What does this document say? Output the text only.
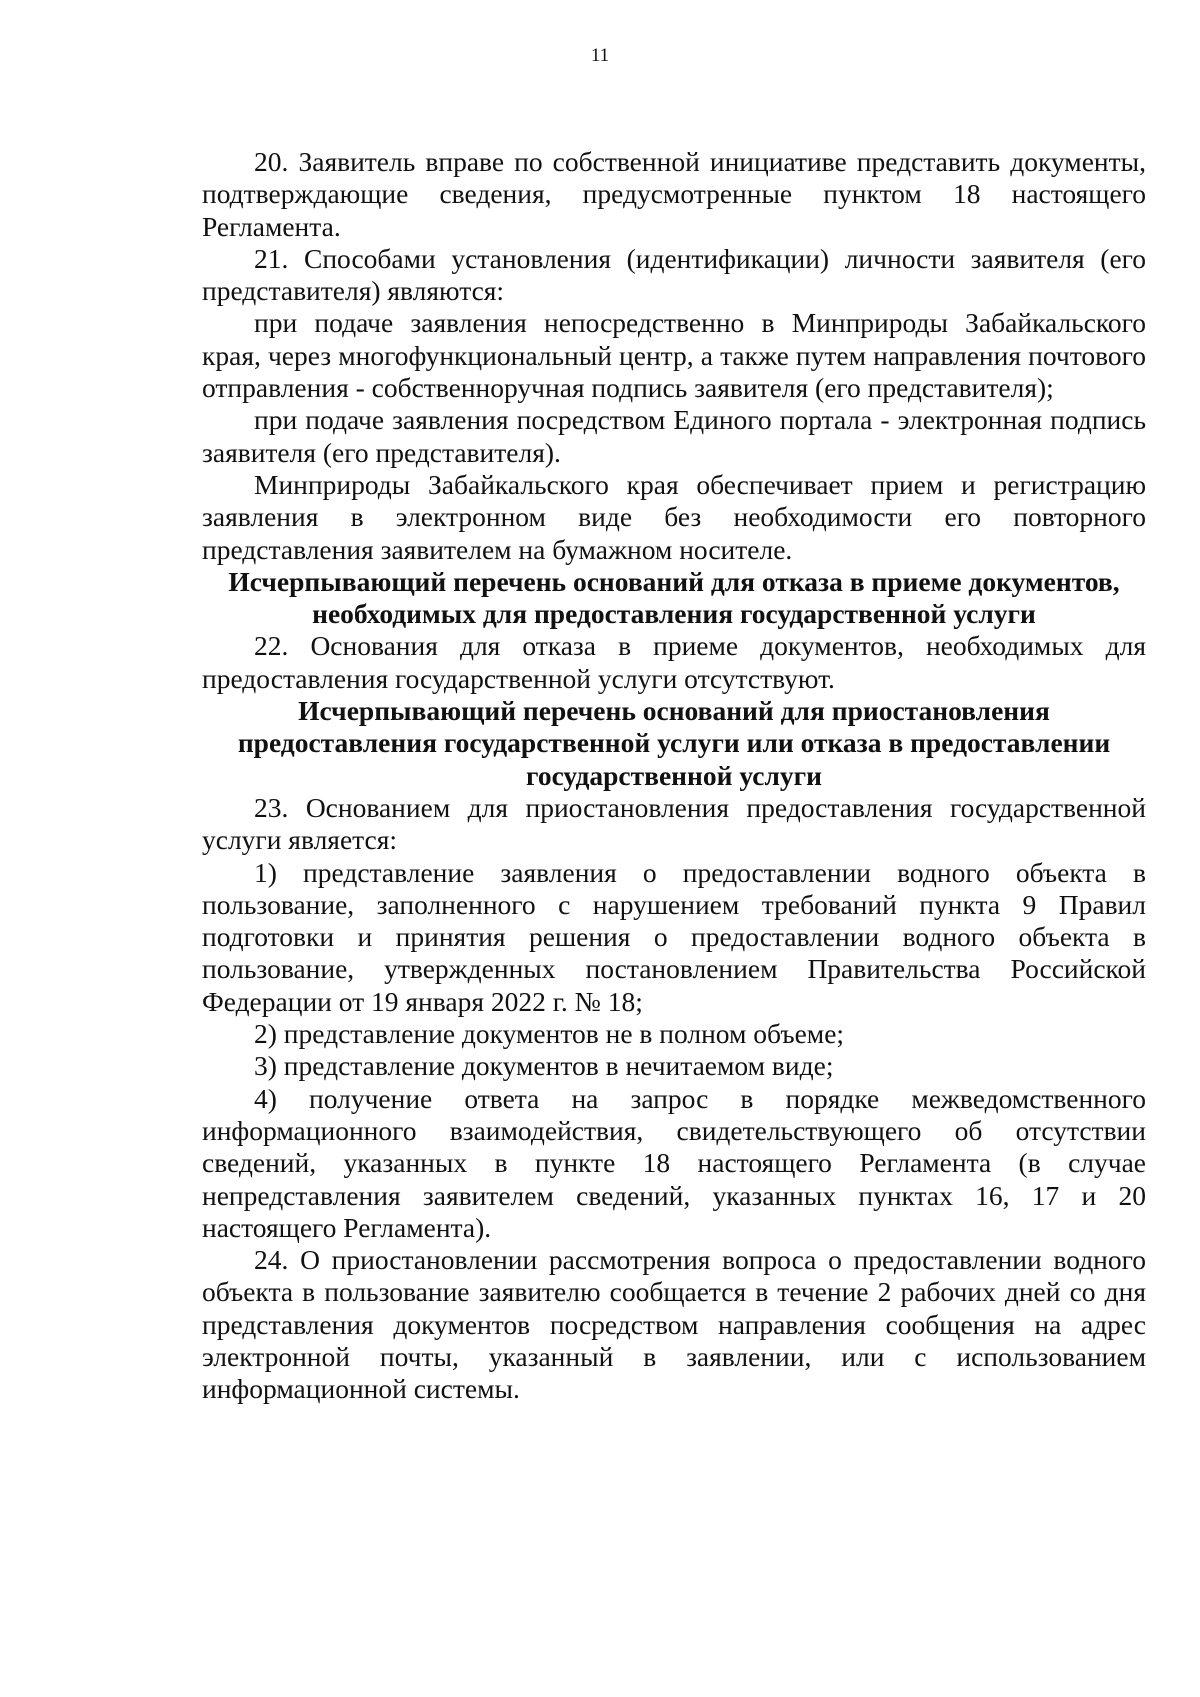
11

20. Заявитель вправе по собственной инициативе представить документы, подтверждающие сведения, предусмотренные пунктом 18 настоящего Регламента.

21. Способами установления (идентификации) личности заявителя (его представителя) являются:

при подаче заявления непосредственно в Минприроды Забайкальского края, через многофункциональный центр, а также путем направления почтового отправления - собственноручная подпись заявителя (его представителя);

при подаче заявления посредством Единого портала - электронная подпись заявителя (его представителя).

Минприроды Забайкальского края обеспечивает прием и регистрацию заявления в электронном виде без необходимости его повторного представления заявителем на бумажном носителе.

Исчерпывающий перечень оснований для отказа в приеме документов, необходимых для предоставления государственной услуги

22. Основания для отказа в приеме документов, необходимых для предоставления государственной услуги отсутствуют.

Исчерпывающий перечень оснований для приостановления предоставления государственной услуги или отказа в предоставлении государственной услуги

23. Основанием для приостановления предоставления государственной услуги является:

1) представление заявления о предоставлении водного объекта в пользование, заполненного с нарушением требований пункта 9 Правил подготовки и принятия решения о предоставлении водного объекта в пользование, утвержденных постановлением Правительства Российской Федерации от 19 января 2022 г. № 18;

2) представление документов не в полном объеме;

3) представление документов в нечитаемом виде;

4) получение ответа на запрос в порядке межведомственного информационного взаимодействия, свидетельствующего об отсутствии сведений, указанных в пункте 18 настоящего Регламента (в случае непредставления заявителем сведений, указанных пунктах 16, 17 и 20 настоящего Регламента).

24. О приостановлении рассмотрения вопроса о предоставлении водного объекта в пользование заявителю сообщается в течение 2 рабочих дней со дня представления документов посредством направления сообщения на адрес электронной почты, указанный в заявлении, или с использованием информационной системы.
